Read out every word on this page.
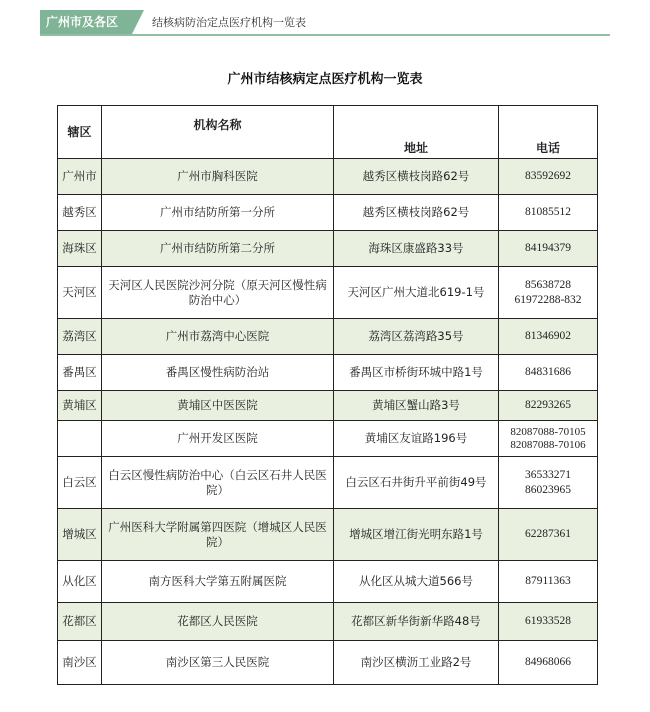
广州市及各区	结核病防治定点医疗机构一览表
广州市结核病定点医疗机构一览表
辖区	机构名称	地址	电话
广州市	广州市胸科医院	越秀区横枝岗路62号	83592692
越秀区	广州市结防所第一分所	越秀区横枝岗路62号	81085512
海珠区	广州市结防所第二分所	海珠区康盛路33号	84194379
天河区	天河区人民医院沙河分院（原天河区慢性病防治中心）	天河区广州大道北619-1号	85638728
61972288-832

荔湾区	广州市荔湾中心医院	荔湾区荔湾路35号	81346902
番禺区	番禺区慢性病防治站	番禺区市桥街环城中路1号	84831686
黄埔区	黄埔区中医医院	黄埔区蟹山路3号	82293265
	广州开发区医院	黄埔区友谊路196号	82087088-70105
82087088-70106

白云区	白云区慢性病防治中心（白云区石井人民医院）	白云区石井街升平前街49号	36533271
86023965

增城区	广州医科大学附属第四医院（增城区人民医院）	增城区增江街光明东路1号	62287361
从化区	南方医科大学第五附属医院	从化区从城大道566号	87911363
花都区	花都区人民医院	花都区新华街新华路48号	61933528
南沙区	南沙区第三人民医院	南沙区横沥工业路2号	84968066
